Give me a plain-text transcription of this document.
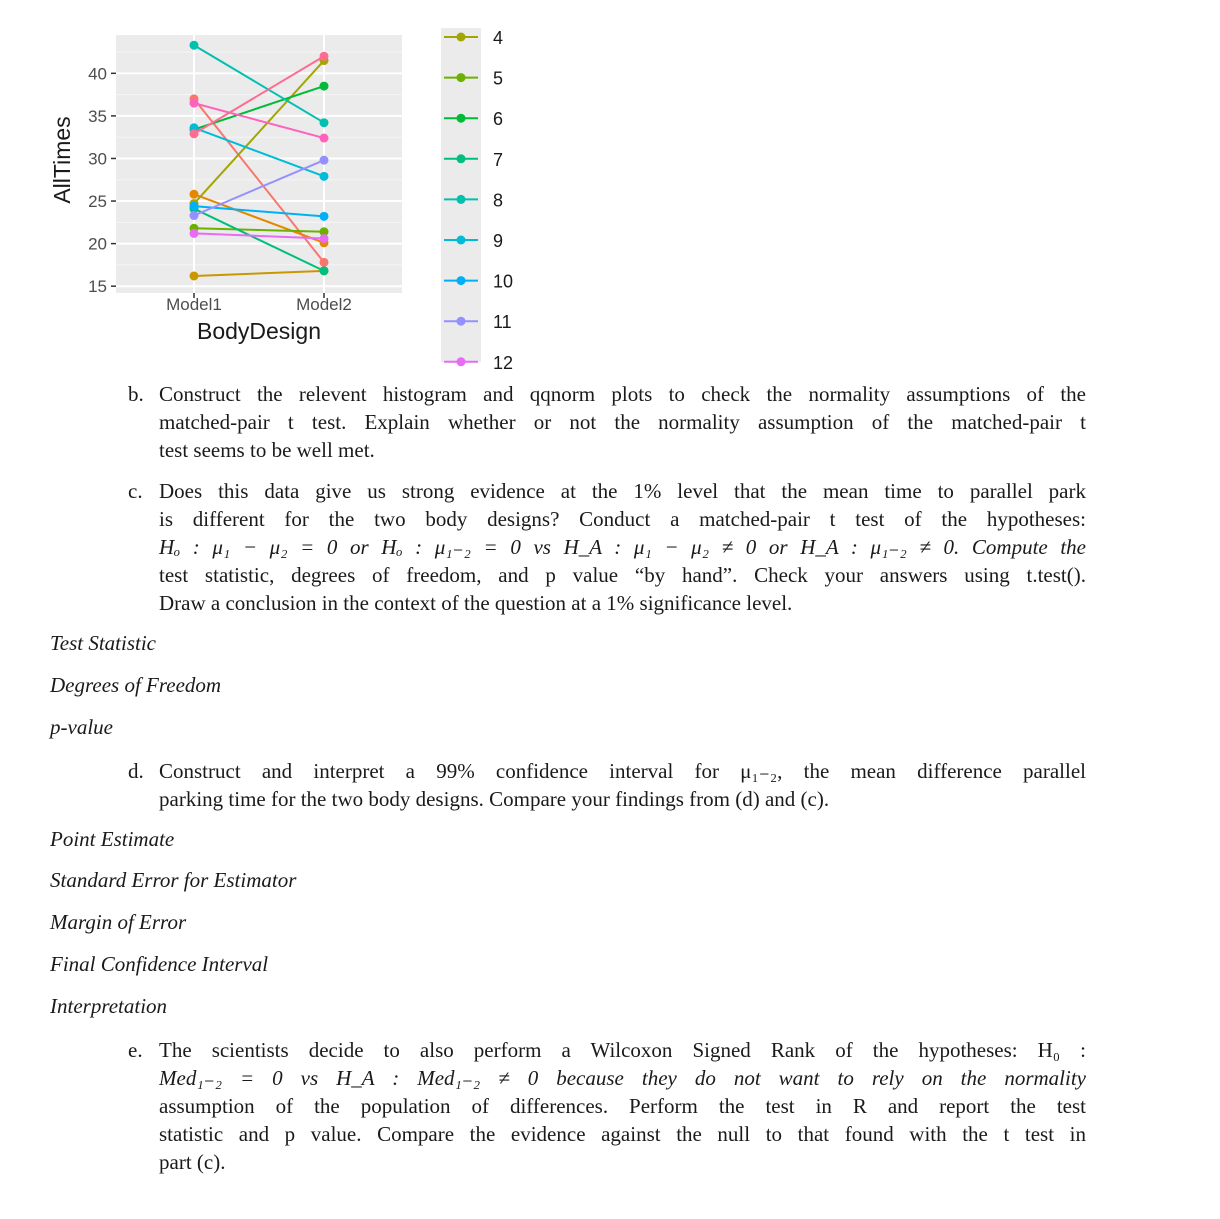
15
20
25
30
35
40
Model1	Model2
BodyDesign
AllTimes
4
5
6
7
8
9
10
11
12
b. Construct the relevent histogram and qqnorm plots to check the normality assumptions of the
matched-pair t test. Explain whether or not the normality assumption of the matched-pair t
test seems to be well met.
c. Does this data give us strong evidence at the 1% level that the mean time to parallel park
is different for the two body designs? Conduct a matched-pair t test of the hypotheses:
Hₒ : μ₁ − μ₂ = 0 or Hₒ : μ₁₋₂ = 0 vs H_A : μ₁ − μ₂ ≠ 0 or H_A : μ₁₋₂ ≠ 0. Compute the
test statistic, degrees of freedom, and p value “by hand”. Check your answers using t.test().
Draw a conclusion in the context of the question at a 1% significance level.
Test Statistic
Degrees of Freedom
p-value
d. Construct and interpret a 99% confidence interval for μ₁₋₂, the mean difference parallel
parking time for the two body designs. Compare your findings from (d) and (c).
Point Estimate
Standard Error for Estimator
Margin of Error
Final Confidence Interval
Interpretation
e. The scientists decide to also perform a Wilcoxon Signed Rank of the hypotheses: H₀ :
Med₁₋₂ = 0 vs H_A : Med₁₋₂ ≠ 0 because they do not want to rely on the normality
assumption of the population of differences. Perform the test in R and report the test
statistic and p value. Compare the evidence against the null to that found with the t test in
part (c).
